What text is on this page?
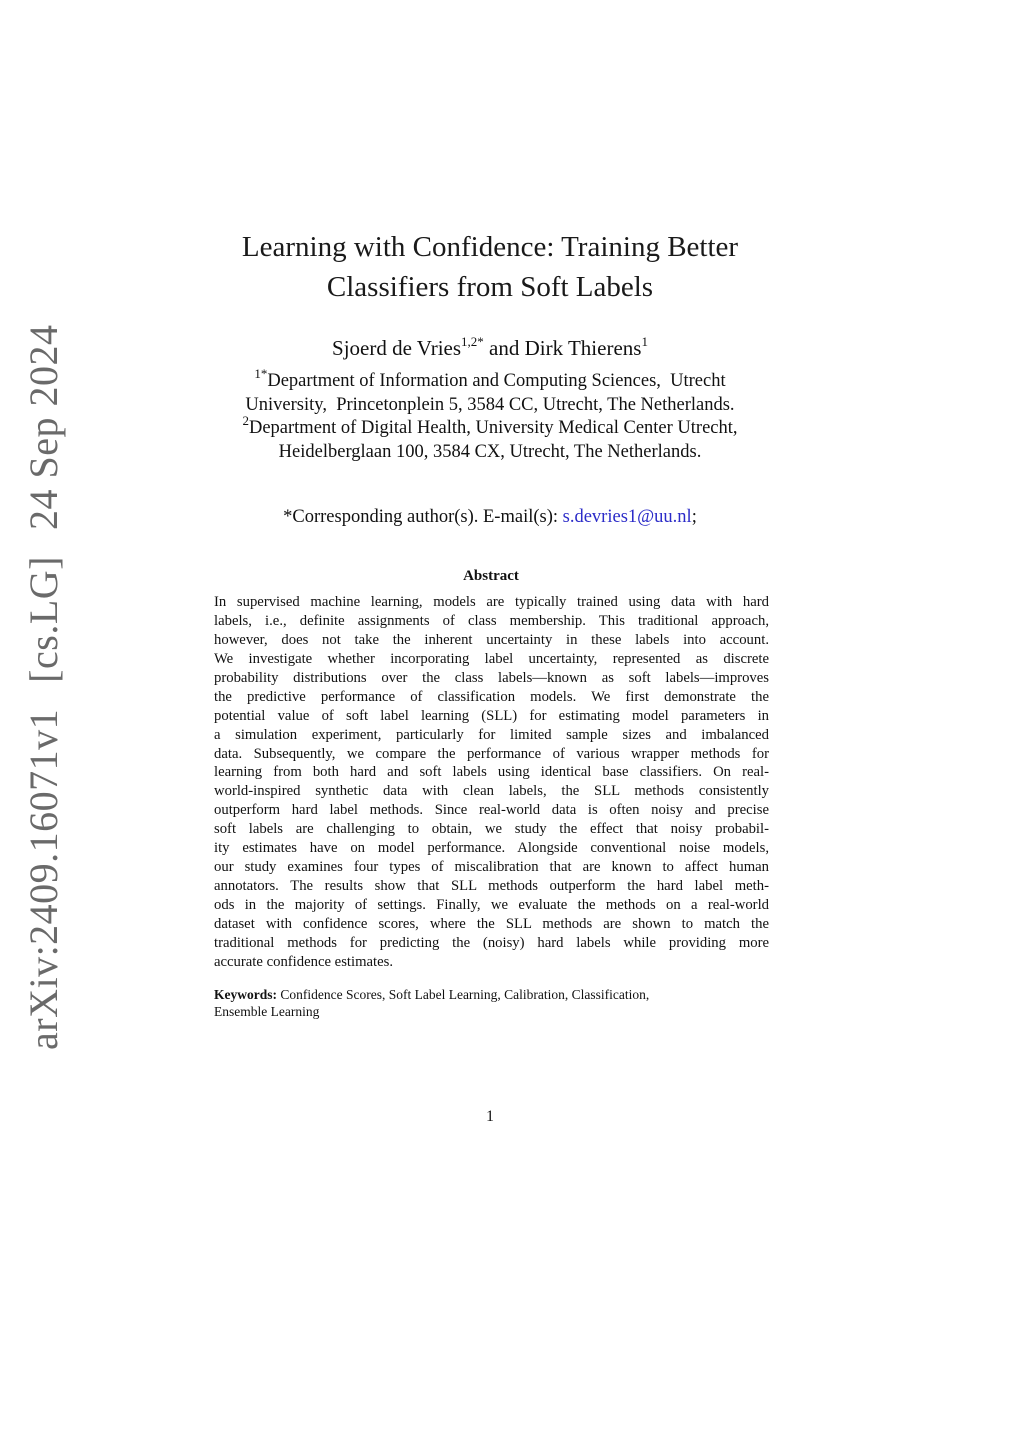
arXiv:2409.16071v1[cs.LG]24 Sep 2024
Learning with Confidence: Training Better
Classifiers from Soft Labels
Sjoerd de Vries$^{1,2*}$ and Dirk Thierens$^1$
$^{1*}$Department of Information and Computing Sciences,  Utrecht
University,  Princetonplein 5, 3584 CC, Utrecht, The Netherlands.
$^2$Department of Digital Health, University Medical Center Utrecht,
Heidelberglaan 100, 3584 CX, Utrecht, The Netherlands.
*Corresponding author(s). E-mail(s): s.devries1@uu.nl;
Abstract
In supervised machine learning, models are typically trained using data with hard
labels, i.e., definite assignments of class membership. This traditional approach,
however, does not take the inherent uncertainty in these labels into account.
We investigate whether incorporating label uncertainty, represented as discrete
probability distributions over the class labels—known as soft labels—improves
the predictive performance of classification models. We first demonstrate the
potential value of soft label learning (SLL) for estimating model parameters in
a simulation experiment, particularly for limited sample sizes and imbalanced
data. Subsequently, we compare the performance of various wrapper methods for
learning from both hard and soft labels using identical base classifiers. On real-
world-inspired synthetic data with clean labels, the SLL methods consistently
outperform hard label methods. Since real-world data is often noisy and precise
soft labels are challenging to obtain, we study the effect that noisy probabil-
ity estimates have on model performance. Alongside conventional noise models,
our study examines four types of miscalibration that are known to affect human
annotators. The results show that SLL methods outperform the hard label meth-
ods in the majority of settings. Finally, we evaluate the methods on a real-world
dataset with confidence scores, where the SLL methods are shown to match the
traditional methods for predicting the (noisy) hard labels while providing more
accurate confidence estimates.
Keywords: Confidence Scores, Soft Label Learning, Calibration, Classification,
Ensemble Learning
1
